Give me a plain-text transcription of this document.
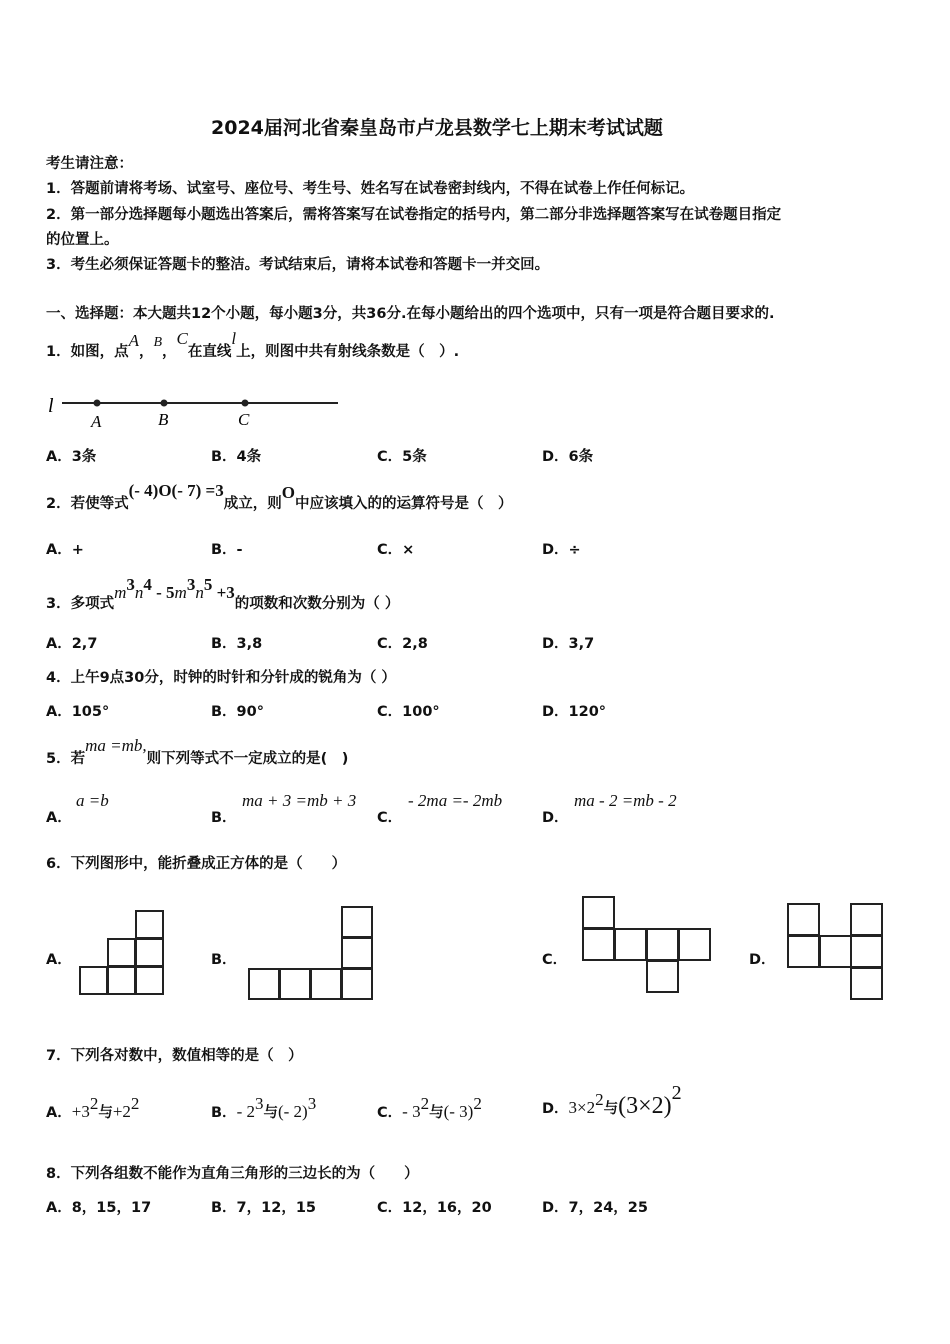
2024届河北省秦皇岛市卢龙县数学七上期末考试试题
考生请注意：
1．答题前请将考场、试室号、座位号、考生号、姓名写在试卷密封线内，不得在试卷上作任何标记。
2．第一部分选择题每小题选出答案后，需将答案写在试卷指定的括号内，第二部分非选择题答案写在试卷题目指定
的位置上。
3．考生必须保证答题卡的整洁。考试结束后，请将本试卷和答题卡一并交回。
一、选择题：本大题共12个小题，每小题3分，共36分.在每小题给出的四个选项中，只有一项是符合题目要求的.
1．如图，点A，B，C在直线l上，则图中共有射线条数是（　）.
l
A	B	C
A．3条	B．4条	C．5条	D．6条
2．若使等式(- 4)O(- 7) =3成立，则O中应该填入的的运算符号是（　）
A．+	B．-	C．×	D．÷
3．多项式$m^3n^4 - 5m^3n^5 +3$的项数和次数分别为（ ）
A．2,7	B．3,8	C．2,8	D．3,7
4．上午9点30分，时钟的时针和分针成的锐角为（ ）
A．105°	B．90°	C．100°	D．120°
5．若ma =mb,则下列等式不一定成立的是(　)
A．
a =b
B．
ma + 3 =mb + 3
C．
- 2ma =- 2mb
D．
ma - 2 =mb - 2
6．下列图形中，能折叠成正方体的是（　　）
A．	B．	C．	D．
7．下列各对数中，数值相等的是（　）
A．$+3^2$与$+2^2$	B．- $2^3$与(- 2)$^3$	C．- $3^2$与(- 3)$^2$	D．$3\times 2^2$与$(3\times 2)^2$
8．下列各组数不能作为直角三角形的三边长的为（　　）
A．8，15，17	B．7，12，15	C．12，16，20	D．7，24，25
